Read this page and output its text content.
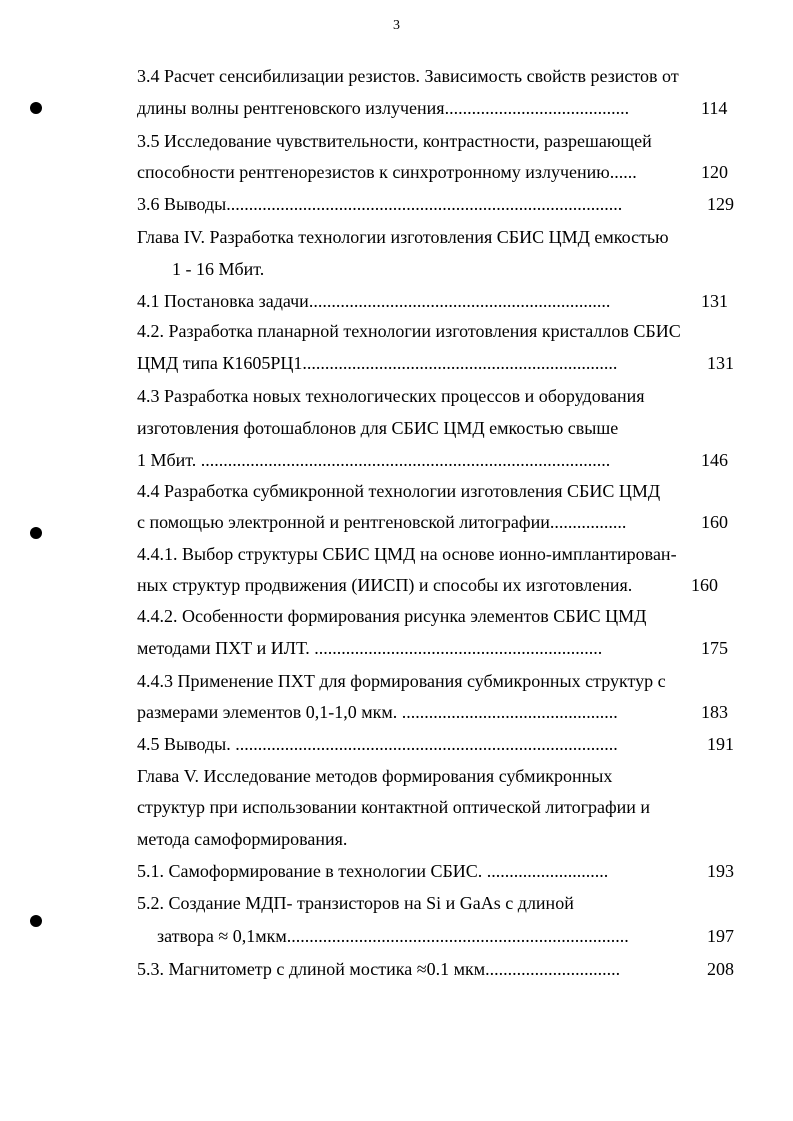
3
3.4 Расчет сенсибилизации резистов. Зависимость свойств резистов от
длины волны рентгеновского излучения.........................................	114
3.5 Исследование чувствительности, контрастности, разрешающей
способности рентгенорезистов к синхротронному излучению......	120
3.6 Выводы........................................................................................	129
Глава IV. Разработка технологии изготовления СБИС ЦМД емкостью
1 - 16 Мбит.
4.1 Постановка задачи...................................................................	131
4.2. Разработка планарной технологии изготовления кристаллов СБИС
ЦМД типа К1605РЦ1......................................................................	131
4.3 Разработка новых технологических процессов и оборудования
изготовления фотошаблонов для СБИС ЦМД емкостью свыше
1 Мбит. ...........................................................................................	146
4.4 Разработка субмикронной технологии изготовления СБИС ЦМД
с помощью электронной и рентгеновской литографии.................	160
4.4.1. Выбор структуры СБИС ЦМД на основе ионно-имплантирован-
ных структур продвижения (ИИСП) и способы их изготовления.	160
4.4.2. Особенности формирования рисунка элементов СБИС ЦМД
методами ПХТ и ИЛТ. ................................................................	175
4.4.3 Применение ПХТ для формирования субмикронных структур с
размерами элементов 0,1-1,0 мкм. ................................................	183
4.5 Выводы. .....................................................................................	191
Глава V. Исследование методов формирования субмикронных
структур при использовании контактной оптической литографии и
метода самоформирования.
5.1. Самоформирование в технологии СБИС. ...........................	193
5.2. Создание МДП- транзисторов на Si и GaAs с длиной
затвора ≈ 0,1мкм............................................................................	197
5.3. Магнитометр с длиной мостика ≈0.1 мкм..............................	208
